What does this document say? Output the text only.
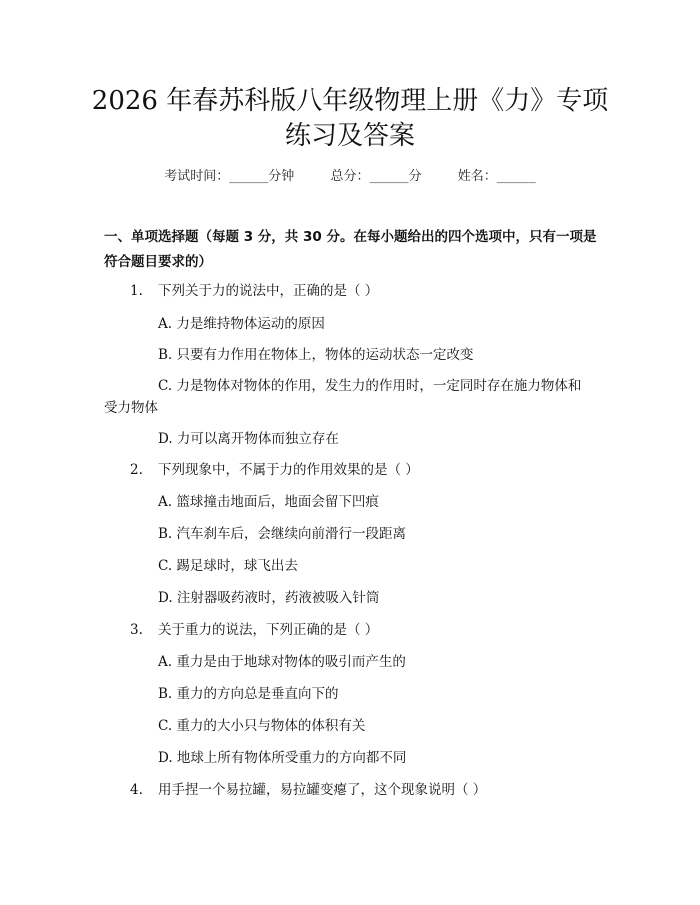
2026 年春苏科版八年级物理上册《力》专项
练习及答案
考试时间：______分钟	总分：______分	姓名：______
一、单项选择题（每题 3 分，共 30 分。在每小题给出的四个选项中，只有一项是
符合题目要求的）
1. 下列关于力的说法中，正确的是（ ）
A. 力是维持物体运动的原因
B. 只要有力作用在物体上，物体的运动状态一定改变
C. 力是物体对物体的作用，发生力的作用时，一定同时存在施力物体和
受力物体
D. 力可以离开物体而独立存在
2. 下列现象中，不属于力的作用效果的是（ ）
A. 篮球撞击地面后，地面会留下凹痕
B. 汽车刹车后，会继续向前滑行一段距离
C. 踢足球时，球飞出去
D. 注射器吸药液时，药液被吸入针筒
3. 关于重力的说法，下列正确的是（ ）
A. 重力是由于地球对物体的吸引而产生的
B. 重力的方向总是垂直向下的
C. 重力的大小只与物体的体积有关
D. 地球上所有物体所受重力的方向都不同
4. 用手捏一个易拉罐，易拉罐变瘪了，这个现象说明（ ）
